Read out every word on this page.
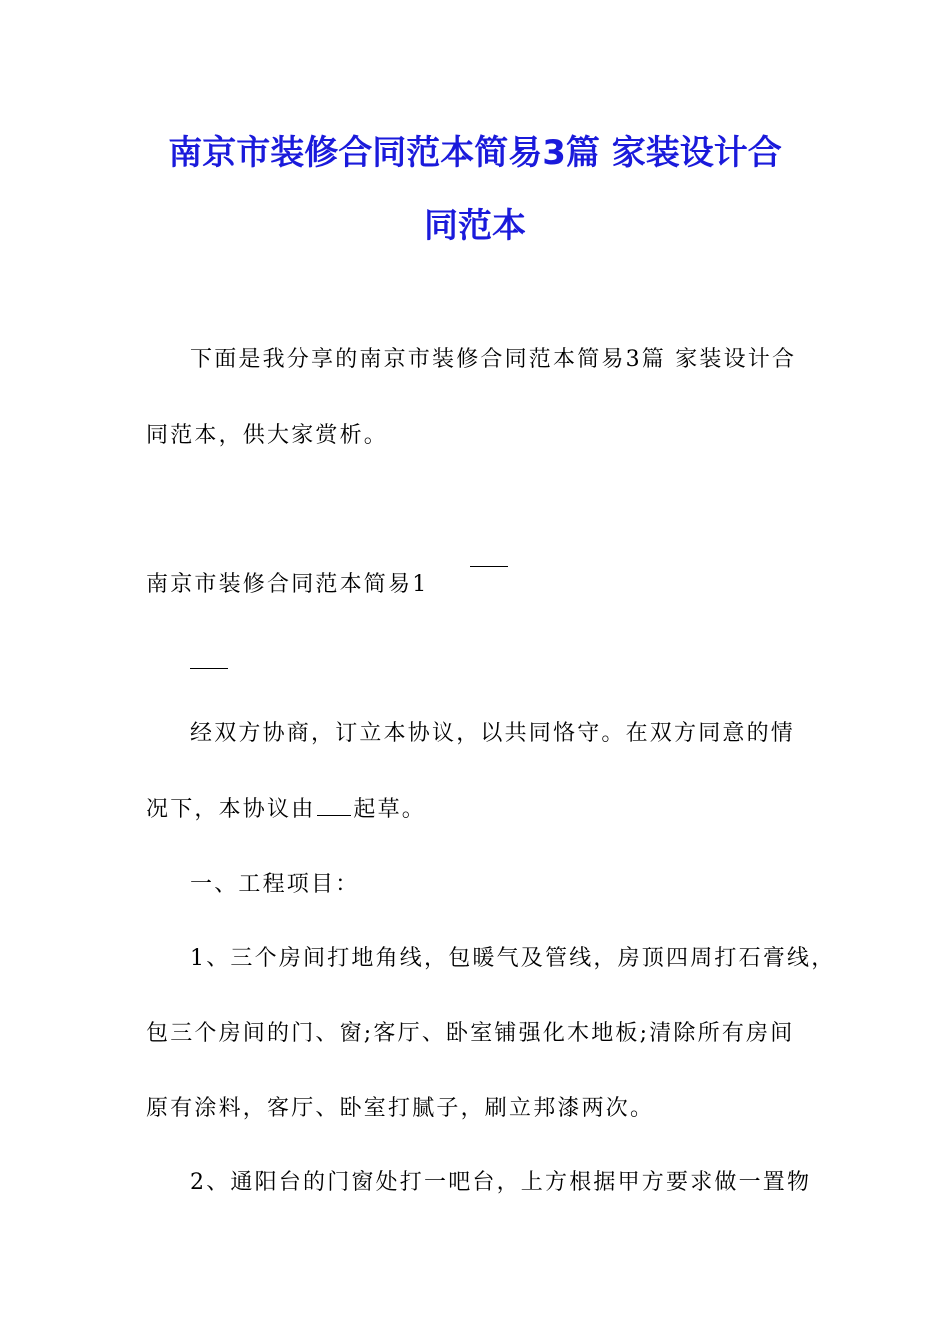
南京市装修合同范本简易3篇 家装设计合
同范本
下面是我分享的南京市装修合同范本简易3篇 家装设计合
同范本，供大家赏析。
南京市装修合同范本简易1
经双方协商，订立本协议，以共同恪守。在双方同意的情
况下，本协议由 起草。
一、工程项目：
1、三个房间打地角线，包暖气及管线，房顶四周打石膏线，
包三个房间的门、窗;客厅、卧室铺强化木地板;清除所有房间
原有涂料，客厅、卧室打腻子，刷立邦漆两次。
2、通阳台的门窗处打一吧台，上方根据甲方要求做一置物
